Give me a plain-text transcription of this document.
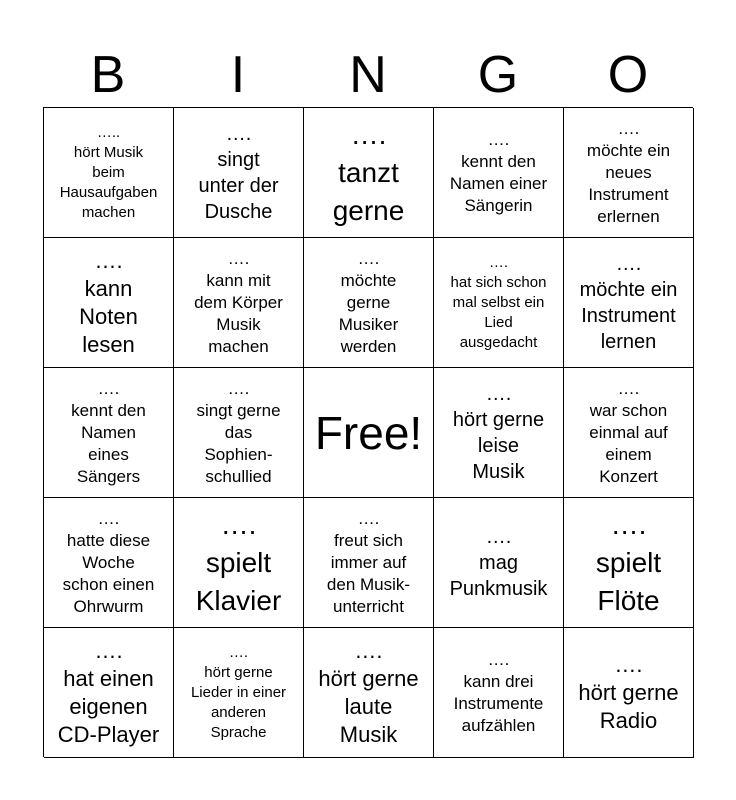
B	I	N	G	O
…..
hört Musik
beim
Hausaufgaben
machen
….
singt
unter der
Dusche
….
tanzt
gerne
….
kennt den
Namen einer
Sängerin
….
möchte ein
neues
Instrument
erlernen
….
kann
Noten
lesen
….
kann mit
dem Körper
Musik
machen
….
möchte
gerne
Musiker
werden
….
hat sich schon
mal selbst ein
Lied
ausgedacht
….
möchte ein
Instrument
lernen
….
kennt den
Namen
eines
Sängers
….
singt gerne
das
Sophien-
schullied
Free!
….
hört gerne
leise
Musik
….
war schon
einmal auf
einem
Konzert
….
hatte diese
Woche
schon einen
Ohrwurm
….
spielt
Klavier
….
freut sich
immer auf
den Musik-
unterricht
….
mag
Punkmusik
….
spielt
Flöte
….
hat einen
eigenen
CD-Player
….
hört gerne
Lieder in einer
anderen
Sprache
….
hört gerne
laute
Musik
….
kann drei
Instrumente
aufzählen
….
hört gerne
Radio
